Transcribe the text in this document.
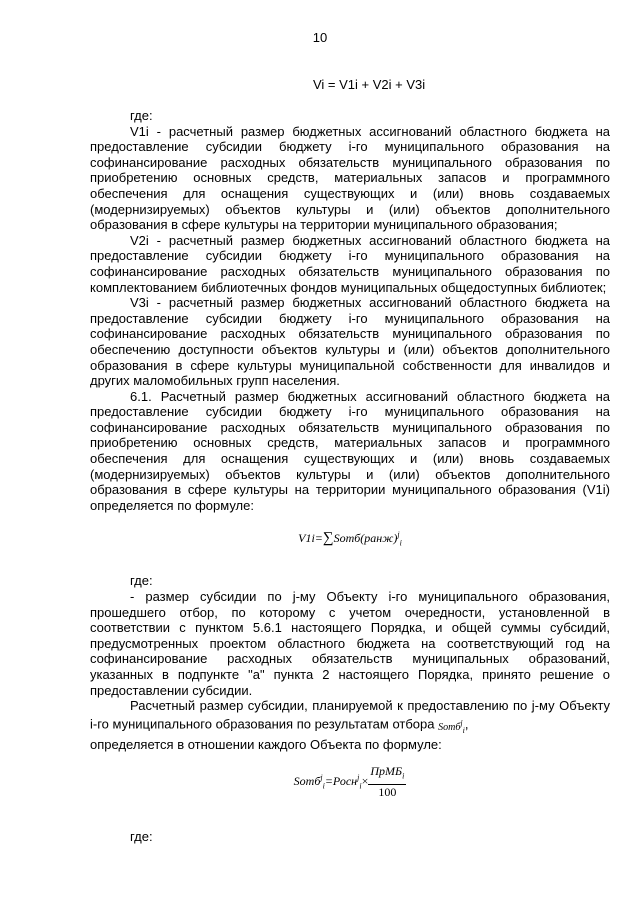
10
Vi = V1i + V2i + V3i

где:

V1i - расчетный размер бюджетных ассигнований областного бюджета на предоставление субсидии бюджету i-го муниципального образования на софинансирование расходных обязательств муниципального образования по приобретению основных средств, материальных запасов и программного обеспечения для оснащения существующих и (или) вновь создаваемых (модернизируемых) объектов культуры и (или) объектов дополнительного образования в сфере культуры на территории муниципального образования;

V2i - расчетный размер бюджетных ассигнований областного бюджета на предоставление субсидии бюджету i-го муниципального образования на софинансирование расходных обязательств муниципального образования по комплектованием библиотечных фондов муниципальных общедоступных библиотек;

V3i - расчетный размер бюджетных ассигнований областного бюджета на предоставление субсидии бюджету i-го муниципального образования на софинансирование расходных обязательств муниципального образования по обеспечению доступности объектов культуры и (или) объектов дополнительного образования в сфере культуры муниципальной собственности для инвалидов и других маломобильных групп населения.

6.1. Расчетный размер бюджетных ассигнований областного бюджета на предоставление субсидии бюджету i-го муниципального образования на софинансирование расходных обязательств муниципального образования по приобретению основных средств, материальных запасов и программного обеспечения для оснащения существующих и (или) вновь создаваемых (модернизируемых) объектов культуры и (или) объектов дополнительного образования в сфере культуры на территории муниципального образования (V1i) определяется по формуле:

V1i=∑Sотб(ранж)$^j_i$

где:

- размер субсидии по j-му Объекту i-го муниципального образования, прошедшего отбор, по которому с учетом очередности, установленной в соответствии с пунктом 5.6.1 настоящего Порядка, и общей суммы субсидий, предусмотренных проектом областного бюджета на соответствующий год на софинансирование расходных обязательств муниципальных образований, указанных в подпункте "а" пункта 2 настоящего Порядка, принято решение о предоставлении субсидии.

Расчетный размер субсидии, планируемой к предоставлению по j-му Объекту i-го муниципального образования по результатам отбора Sотб$^j_i$,

определяется в отношении каждого Объекта по формуле:

Sотб$^j_i$=Росн$^j_i$× $\frac{ПрМБ_i}{100}$

где:
